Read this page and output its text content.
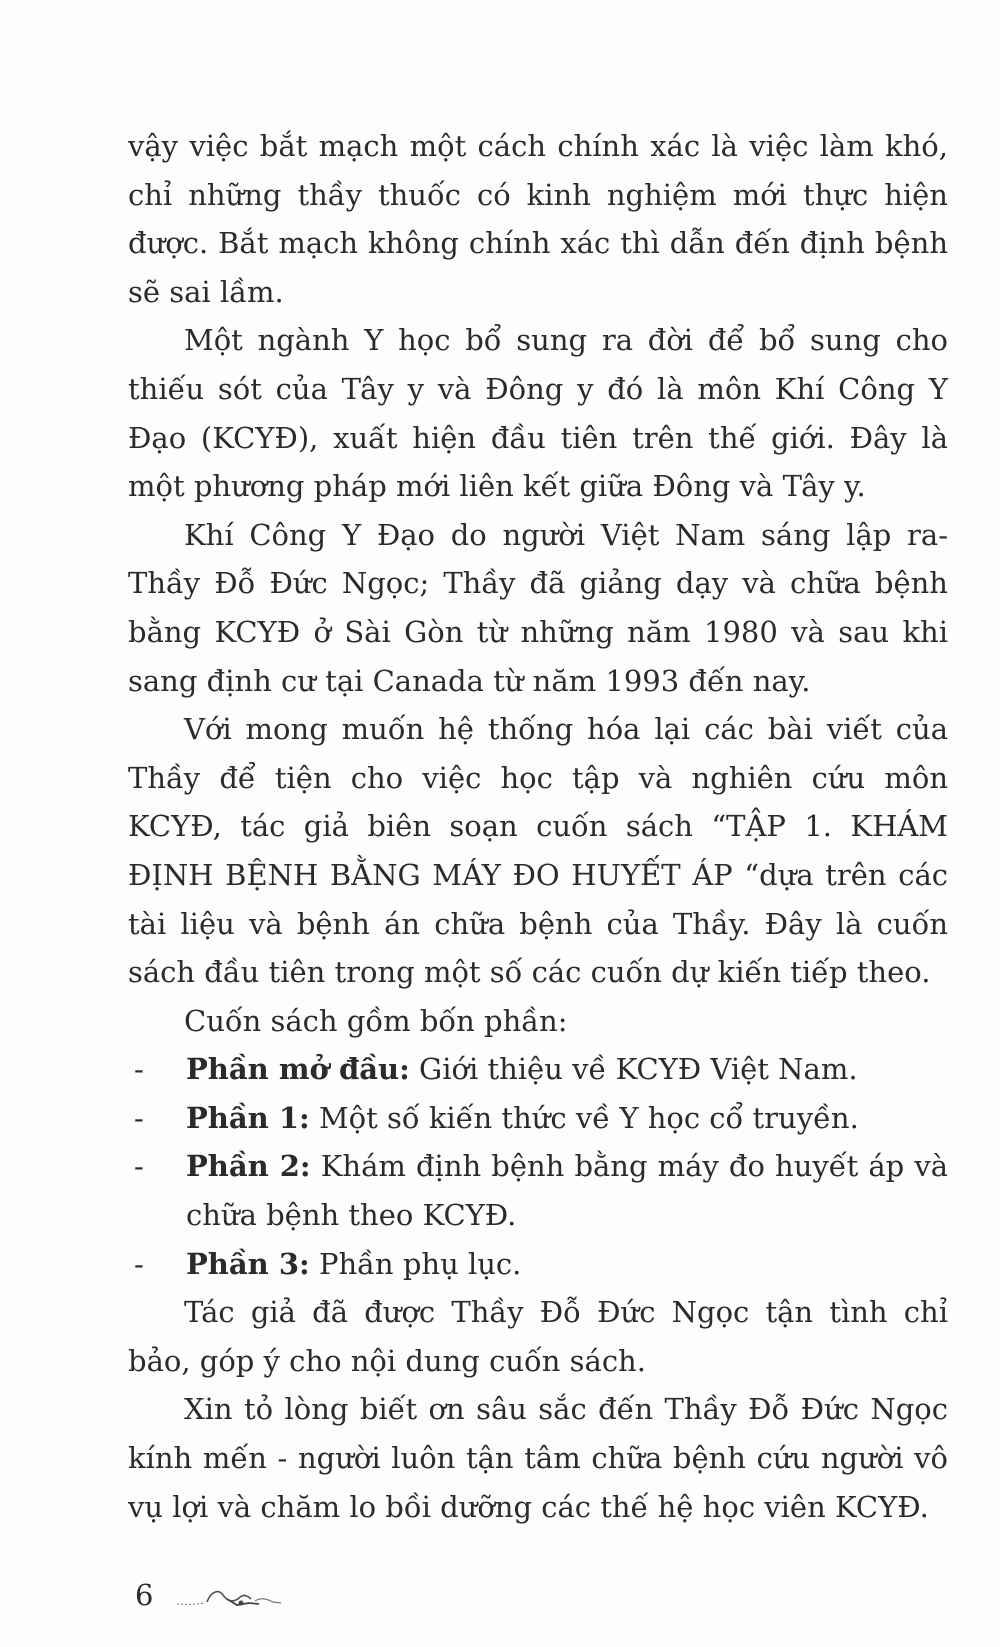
vậy việc bắt mạch một cách chính xác là việc làm khó, chỉ những thầy thuốc có kinh nghiệm mới thực hiện được. Bắt mạch không chính xác thì dẫn đến định bệnh sẽ sai lầm.

Một ngành Y học bổ sung ra đời để bổ sung cho thiếu sót của Tây y và Đông y đó là môn Khí Công Y Đạo (KCYĐ), xuất hiện đầu tiên trên thế giới. Đây là một phương pháp mới liên kết giữa Đông và Tây y.

Khí Công Y Đạo do người Việt Nam sáng lập ra- Thầy Đỗ Đức Ngọc; Thầy đã giảng dạy và chữa bệnh bằng KCYĐ ở Sài Gòn từ những năm 1980 và sau khi sang định cư tại Canada từ năm 1993 đến nay.

Với mong muốn hệ thống hóa lại các bài viết của Thầy để tiện cho việc học tập và nghiên cứu môn KCYĐ, tác giả biên soạn cuốn sách “TẬP 1. KHÁM ĐỊNH BỆNH BẰNG MÁY ĐO HUYẾT ÁP “dựa trên các tài liệu và bệnh án chữa bệnh của Thầy. Đây là cuốn sách đầu tiên trong một số các cuốn dự kiến tiếp theo.

Cuốn sách gồm bốn phần:

- Phần mở đầu: Giới thiệu về KCYĐ Việt Nam.
- Phần 1: Một số kiến thức về Y học cổ truyền.
- Phần 2: Khám định bệnh bằng máy đo huyết áp và chữa bệnh theo KCYĐ.
- Phần 3: Phần phụ lục.

Tác giả đã được Thầy Đỗ Đức Ngọc tận tình chỉ bảo, góp ý cho nội dung cuốn sách.

Xin tỏ lòng biết ơn sâu sắc đến Thầy Đỗ Đức Ngọc kính mến - người luôn tận tâm chữa bệnh cứu người vô vụ lợi và chăm lo bồi dưỡng các thế hệ học viên KCYĐ.

6
